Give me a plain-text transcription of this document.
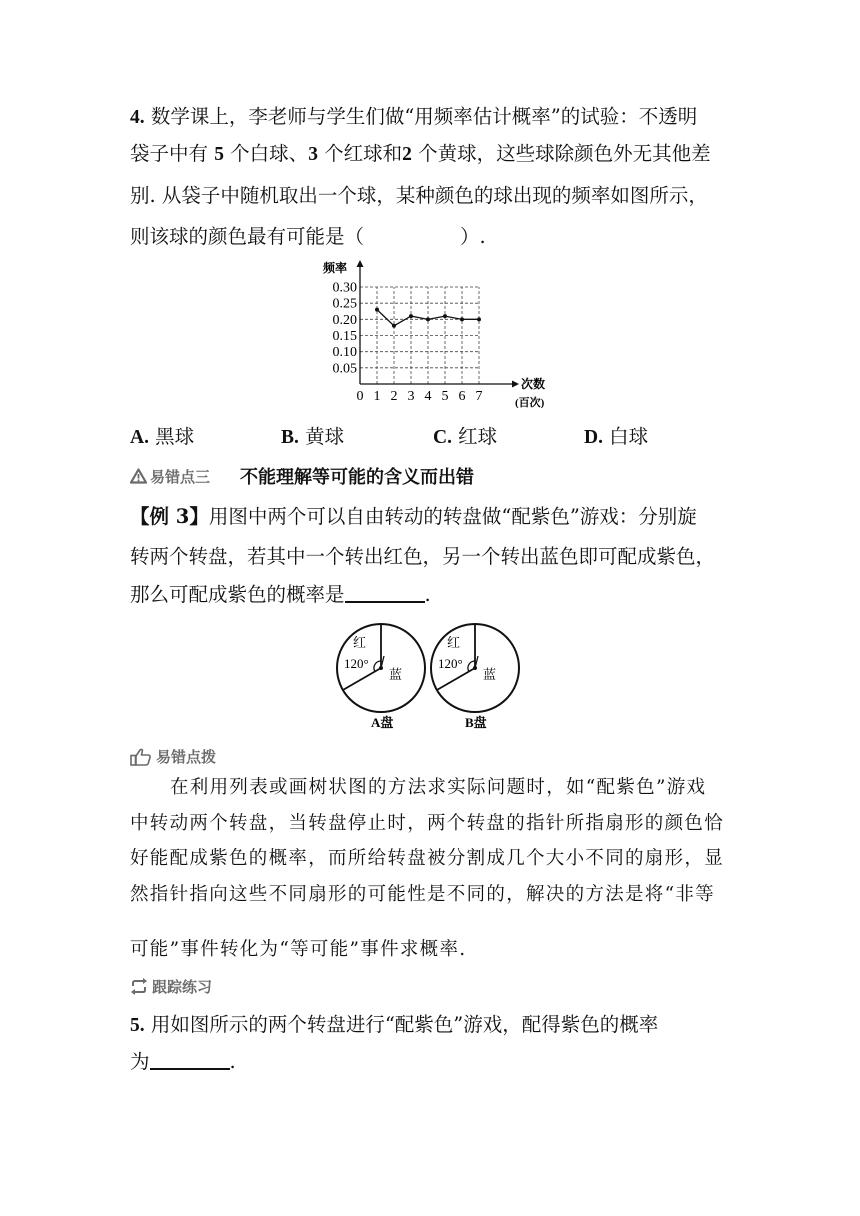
4. 数学课上，李老师与学生们做“用频率估计概率”的试验：不透明
袋子中有 5 个白球、3 个红球和2 个黄球，这些球除颜色外无其他差
别. 从袋子中随机取出一个球，某种颜色的球出现的频率如图所示，
则该球的颜色最有可能是（	）.
0.05
0.10
0.15
0.20
0.25
0.30
1 2 3 4 5 6 7
0
频率
次数
(百次)
A. 黑球	B. 黄球	C. 红球	D. 白球
易错点三 不能理解等可能的含义而出错
【例 3】用图中两个可以自由转动的转盘做“配紫色”游戏：分别旋
转两个转盘，若其中一个转出红色，另一个转出蓝色即可配成紫色，
那么可配成紫色的概率是	.
红
120°
蓝
A盘
红
120°
蓝
B盘
易错点拨
在利用列表或画树状图的方法求实际问题时，如“配紫色”游戏
中转动两个转盘，当转盘停止时，两个转盘的指针所指扇形的颜色恰
好能配成紫色的概率，而所给转盘被分割成几个大小不同的扇形，显
然指针指向这些不同扇形的可能性是不同的，解决的方法是将“非等
可能”事件转化为“等可能”事件求概率.
跟踪练习
5. 用如图所示的两个转盘进行“配紫色”游戏，配得紫色的概率
为	.
